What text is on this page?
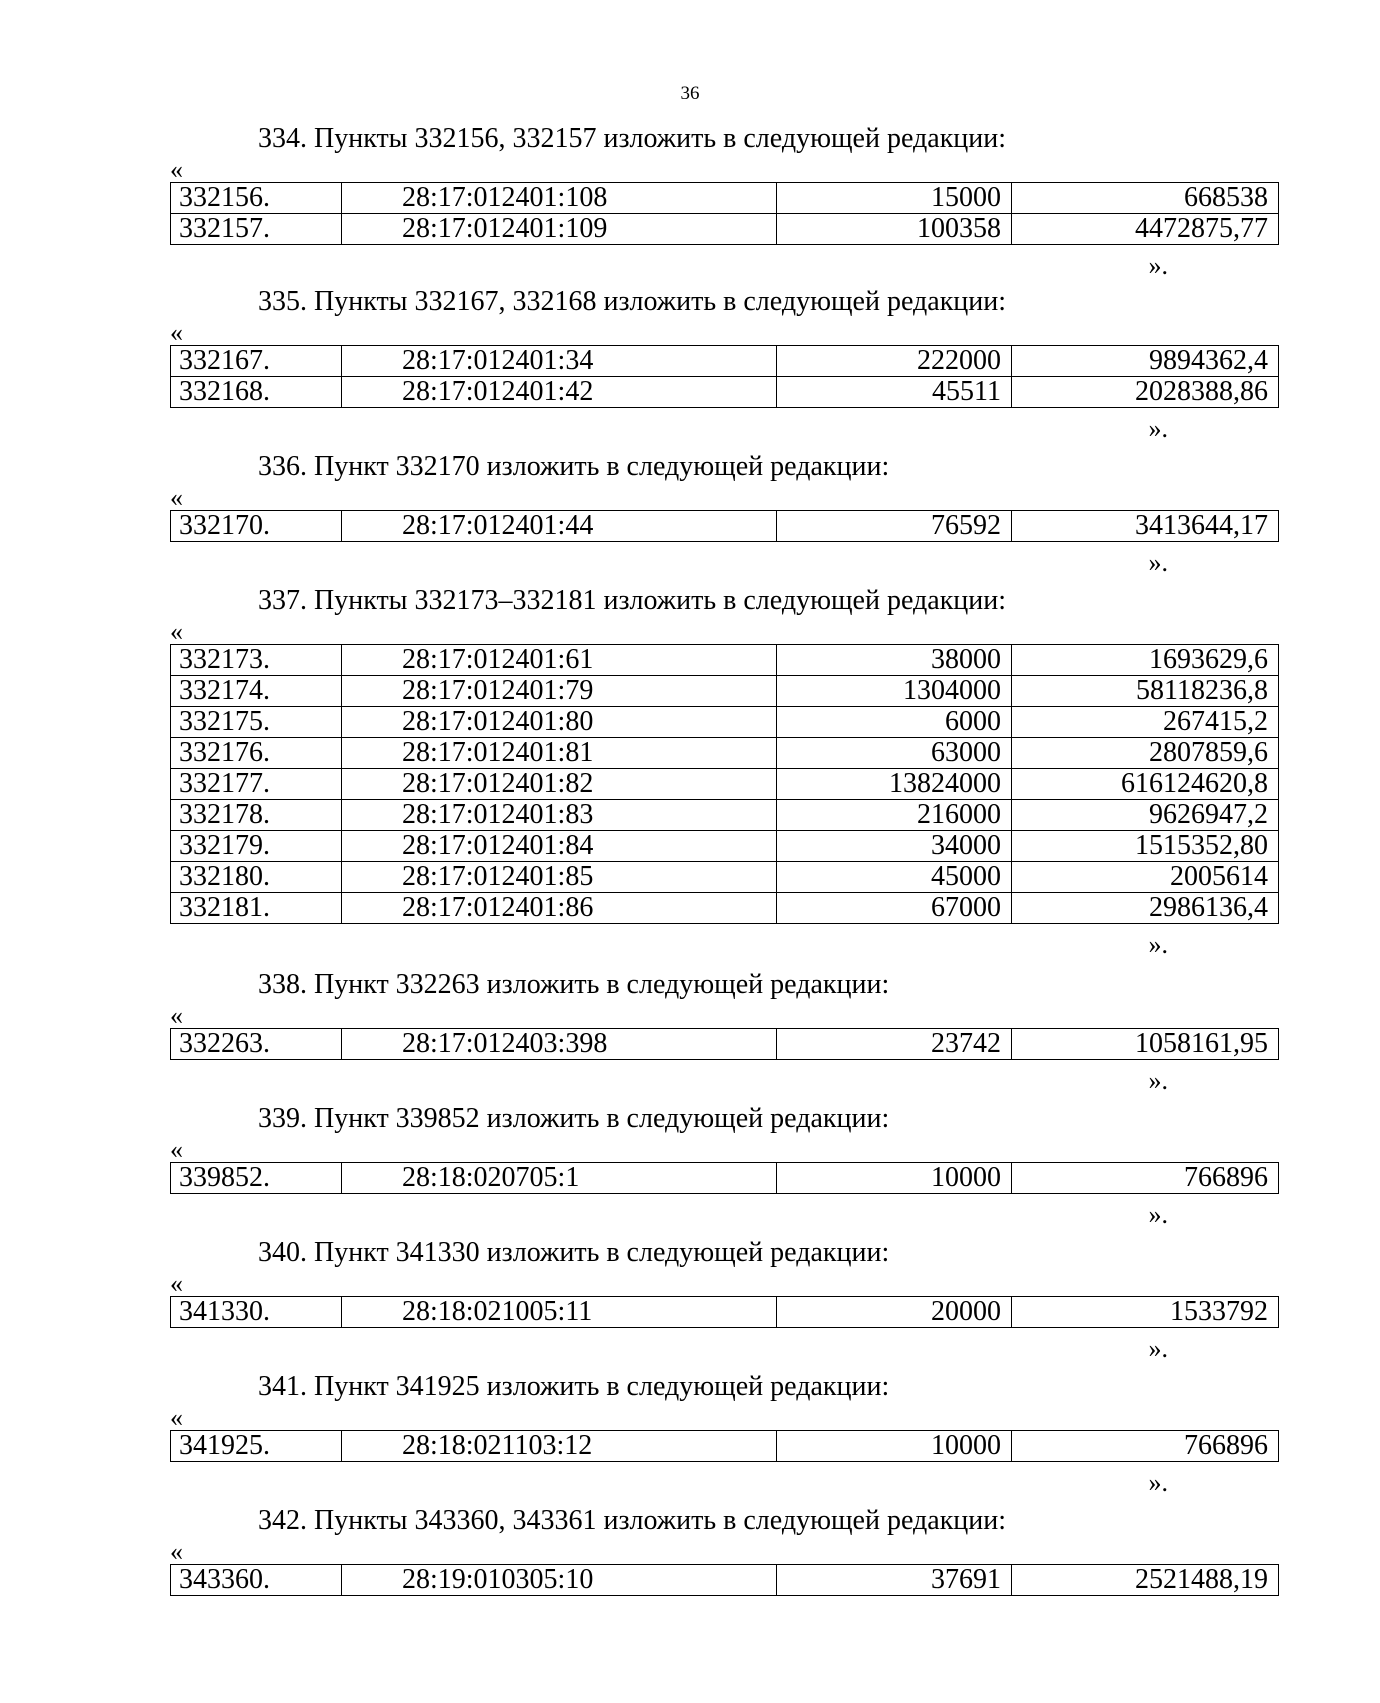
36
334. Пункты 332156, 332157 изложить в следующей редакции:
«
332156.	28:17:012401:108	15000	668538
332157.	28:17:012401:109	100358	4472875,77
».
335. Пункты 332167, 332168 изложить в следующей редакции:
«
332167.	28:17:012401:34	222000	9894362,4
332168.	28:17:012401:42	45511	2028388,86
».
336. Пункт 332170 изложить в следующей редакции:
«
332170.	28:17:012401:44	76592	3413644,17
».
337. Пункты 332173–332181 изложить в следующей редакции:
«
332173.	28:17:012401:61	38000	1693629,6
332174.	28:17:012401:79	1304000	58118236,8
332175.	28:17:012401:80	6000	267415,2
332176.	28:17:012401:81	63000	2807859,6
332177.	28:17:012401:82	13824000	616124620,8
332178.	28:17:012401:83	216000	9626947,2
332179.	28:17:012401:84	34000	1515352,80
332180.	28:17:012401:85	45000	2005614
332181.	28:17:012401:86	67000	2986136,4
».
338. Пункт 332263 изложить в следующей редакции:
«
332263.	28:17:012403:398	23742	1058161,95
».
339. Пункт 339852 изложить в следующей редакции:
«
339852.	28:18:020705:1	10000	766896
».
340. Пункт 341330 изложить в следующей редакции:
«
341330.	28:18:021005:11	20000	1533792
».
341. Пункт 341925 изложить в следующей редакции:
«
341925.	28:18:021103:12	10000	766896
».
342. Пункты 343360, 343361 изложить в следующей редакции:
«
343360.	28:19:010305:10	37691	2521488,19
